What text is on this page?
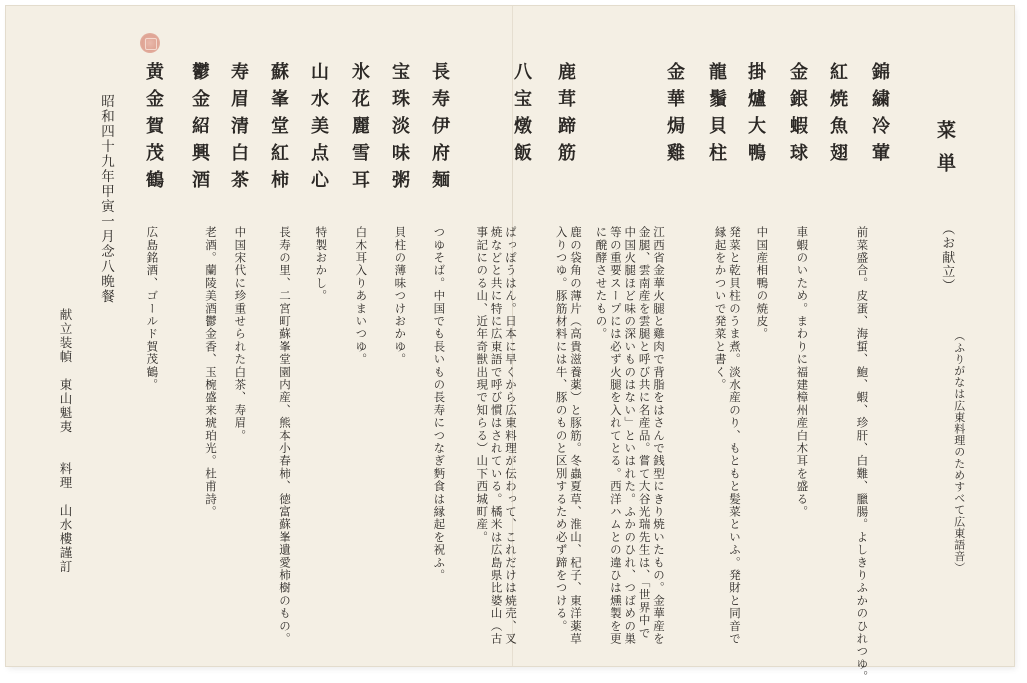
菜単
（お献立）
（ふりがなは広東料理のためすべて広東語音）
錦繍冷葷
前菜盛合。皮蛋、海蜇、鮑、蝦、珍肝、白難、臘腸。よしきりふかのひれつゆ。
紅焼魚翅
金銀蝦球
車蝦のいため。まわりに福建樟州産白木耳を盛る。
掛爐大鴨
中国産相鴨の焼皮。
龍鬚貝柱
発菜と乾貝柱のうま煮。淡水産のり、もともと髪菜といふ。発財と同音で縁起をかついで発菜と書く。
金華焗雞
江西省金華火腿と雞肉で背脂をはさんで銭型にきり焼いたもの。金華産を金腿、雲南産を雲腿と呼び共に名産品。嘗て大谷光瑞先生は、「世界中で中国火腿ほど味の深いものはない」といはれた。ふかのひれ、つばめの巣等の重要スープには必ず火腿を入れてとる。西洋ハムとの違ひは燻製を更に醗酵させたもの。
鹿茸蹄筋
鹿の袋角の薄片（高貴滋養薬）と豚筋。冬蟲夏草、淮山、杞子、東洋薬草入りつゆ。豚筋材料には牛、豚のものと区別するため必ず蹄をつける。
八宝燉飯
ぱっぽうはん。日本に早くから広東料理が伝わって、これだけは焼売、叉焼などと共に特に広東語で呼び慣はされている。橘米は広島県比婆山（古事記にのる山、近年奇獣出現で知らる）山下西城町産。
長寿伊府麺
つゆそば。中国でも長いもの長寿につなぎ麪食は縁起を祝ふ。
宝珠淡味粥
貝柱の薄味つけおかゆ。
氷花麗雪耳
白木耳入りあまいつゆ。
山水美点心
特製おかし。
蘇峯堂紅柿
長寿の里、二宮町蘇峯堂園内産、熊本小春柿、徳富蘇峯遺愛柿樹のもの。
寿眉清白茶
中国宋代に珍重せられた白茶、寿眉。
鬱金紹興酒
老酒。蘭陵美酒鬱金香、玉椀盛来琥珀光。杜甫詩。
黄金賀茂鶴
広島銘酒、ゴールド賀茂鶴。
昭和四十九年甲寅一月念八晩餐
献立装幀　東山魁夷　　料理　山水樓謹訂
